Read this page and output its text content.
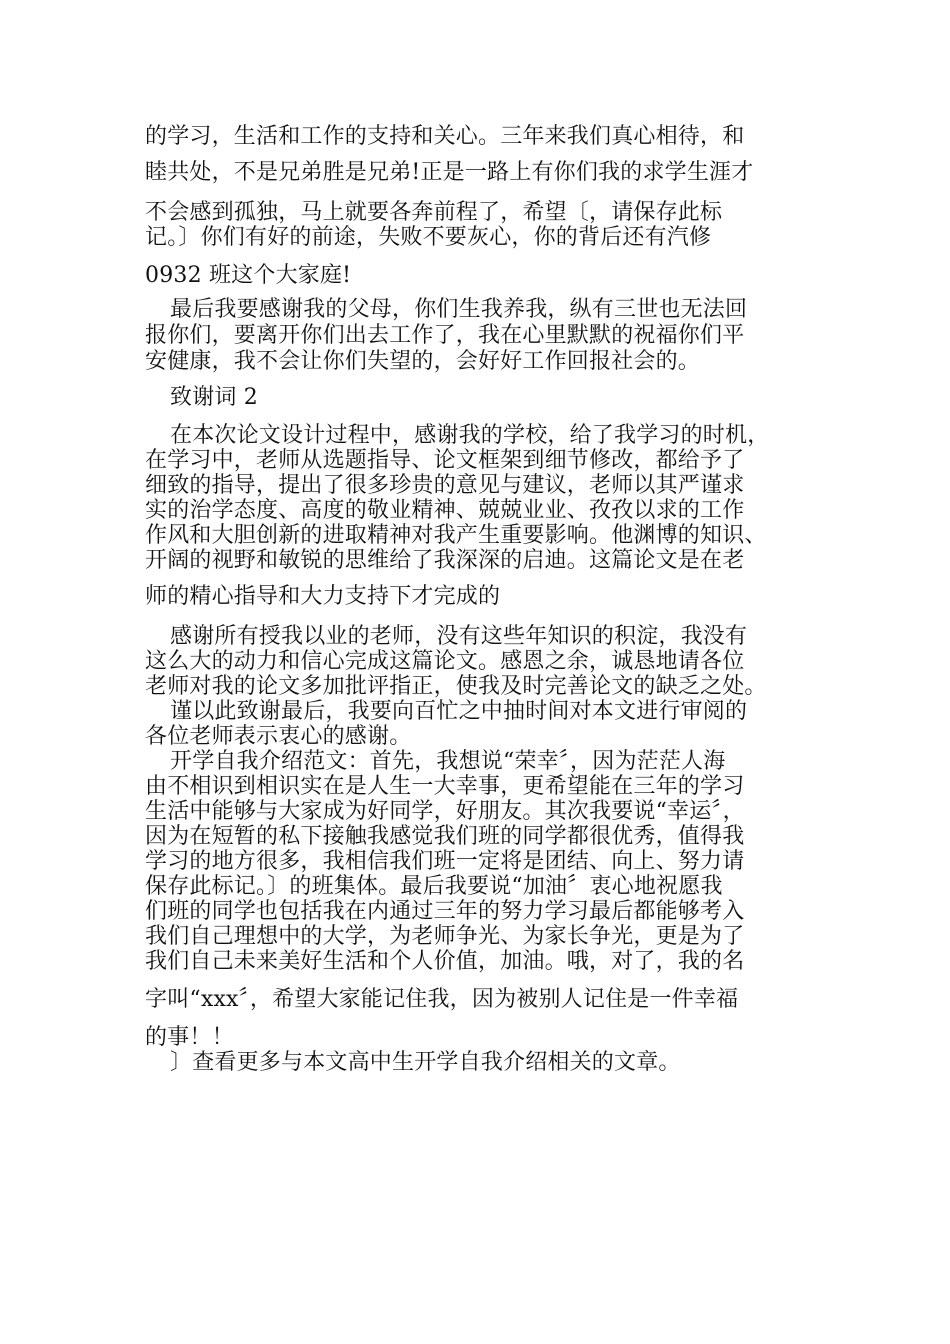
的学习，生活和工作的支持和关心。三年来我们真心相待，和
睦共处，不是兄弟胜是兄弟!正是一路上有你们我的求学生涯才
不会感到孤独，马上就要各奔前程了，希望〔，请保存此标
记。〕你们有好的前途，失败不要灰心，你的背后还有汽修
0932 班这个大家庭!
最后我要感谢我的父母，你们生我养我，纵有三世也无法回
报你们，要离开你们出去工作了，我在心里默默的祝福你们平
安健康，我不会让你们失望的，会好好工作回报社会的。
致谢词 2
在本次论文设计过程中，感谢我的学校，给了我学习的时机，
在学习中，老师从选题指导、论文框架到细节修改，都给予了
细致的指导，提出了很多珍贵的意见与建议，老师以其严谨求
实的治学态度、高度的敬业精神、兢兢业业、孜孜以求的工作
作风和大胆创新的进取精神对我产生重要影响。他渊博的知识、
开阔的视野和敏锐的思维给了我深深的启迪。这篇论文是在老
师的精心指导和大力支持下才完成的
感谢所有授我以业的老师，没有这些年知识的积淀，我没有
这么大的动力和信心完成这篇论文。感恩之余，诚恳地请各位
老师对我的论文多加批评指正，使我及时完善论文的缺乏之处。
谨以此致谢最后，我要向百忙之中抽时间对本文进行审阅的
各位老师表示衷心的感谢。
开学自我介绍范文：首先，我想说“荣幸〞，因为茫茫人海
由不相识到相识实在是人生一大幸事，更希望能在三年的学习
生活中能够与大家成为好同学，好朋友。其次我要说“幸运〞，
因为在短暂的私下接触我感觉我们班的同学都很优秀，值得我
学习的地方很多，我相信我们班一定将是团结、向上、努力请
保存此标记。〕的班集体。最后我要说“加油〞衷心地祝愿我
们班的同学也包括我在内通过三年的努力学习最后都能够考入
我们自己理想中的大学，为老师争光、为家长争光，更是为了
我们自己未来美好生活和个人价值，加油。哦，对了，我的名
字叫“xxx〞，希望大家能记住我，因为被别人记住是一件幸福
的事！！
〕查看更多与本文高中生开学自我介绍相关的文章。
